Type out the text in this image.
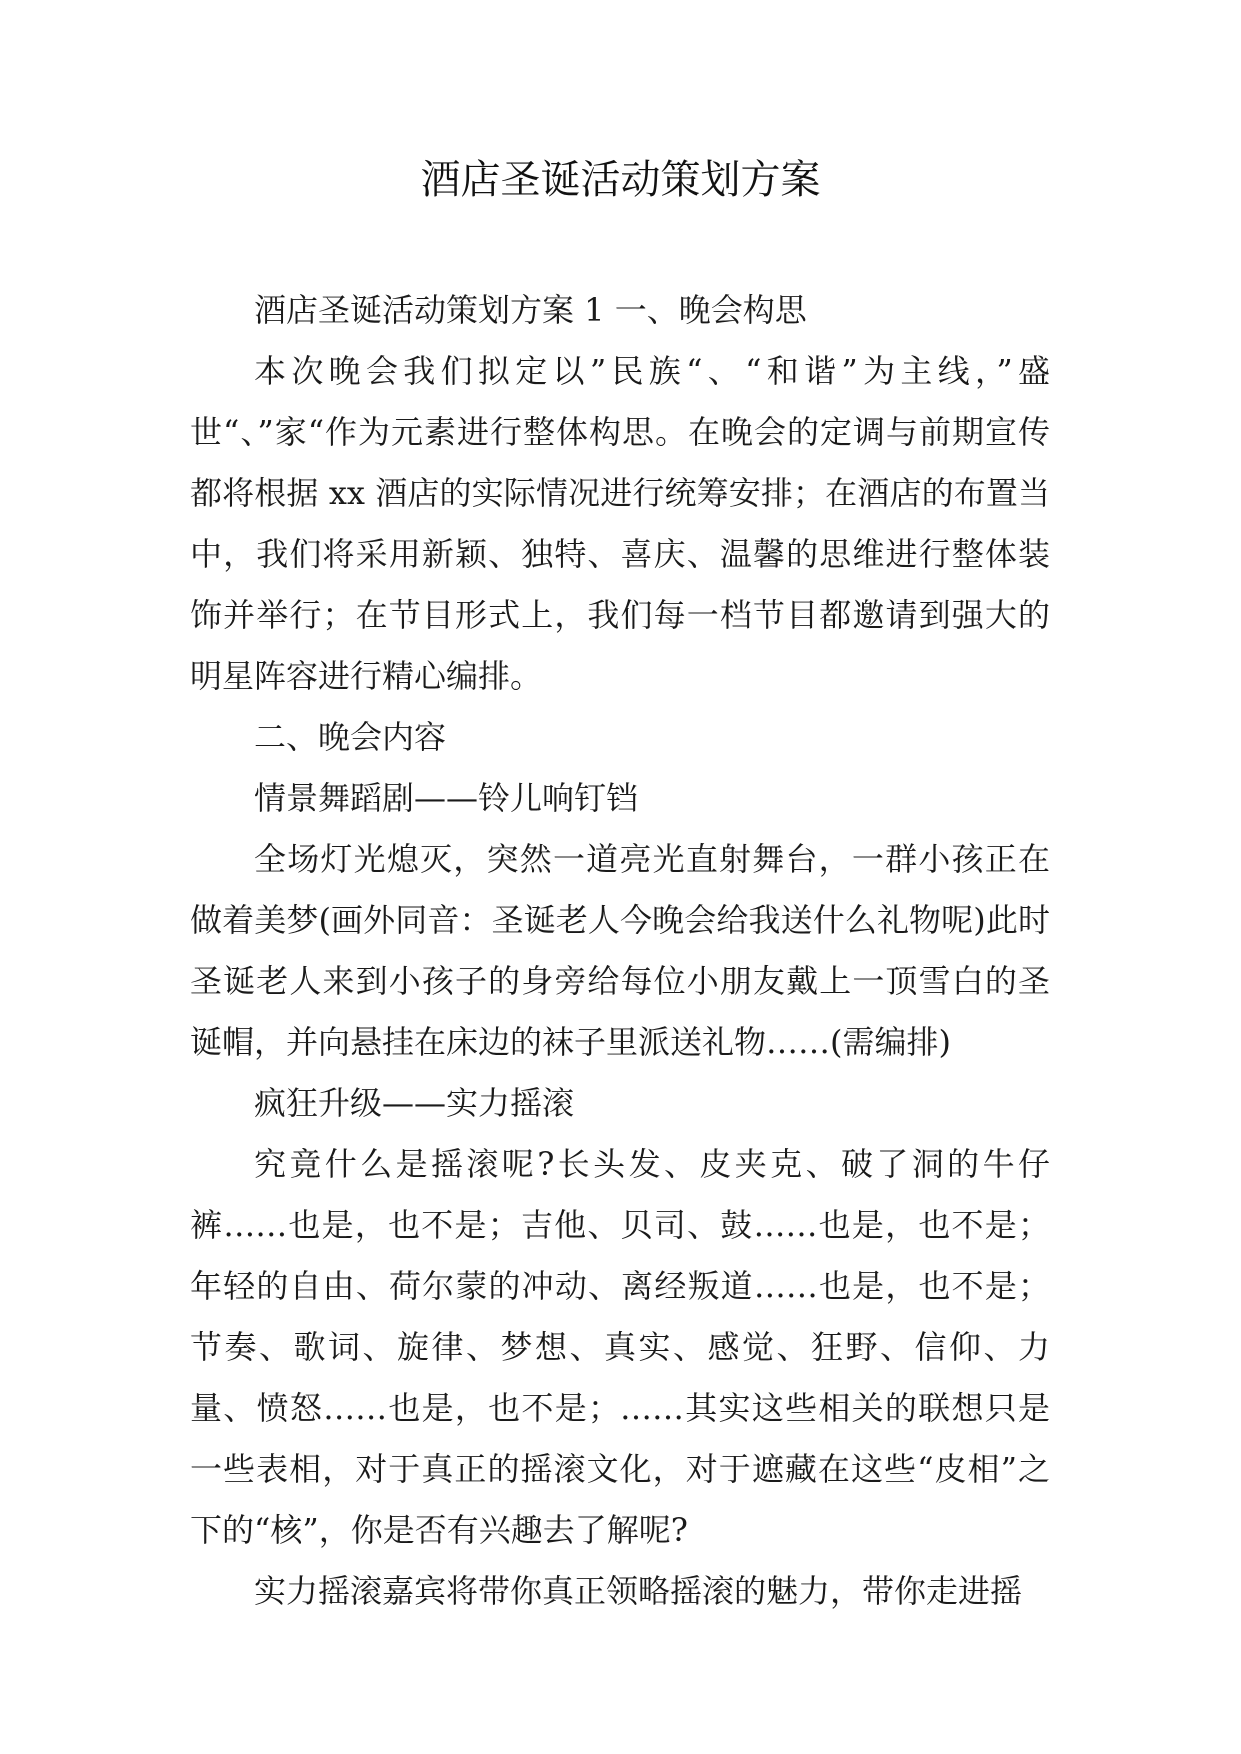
酒店圣诞活动策划方案

酒店圣诞活动策划方案 1 一、晚会构思

本次晚会我们拟定以”民族“、“和谐”为主线，”盛世“、”家“作为元素进行整体构思。在晚会的定调与前期宣传都将根据 xx 酒店的实际情况进行统筹安排；在酒店的布置当中，我们将采用新颖、独特、喜庆、温馨的思维进行整体装饰并举行；在节目形式上，我们每一档节目都邀请到强大的明星阵容进行精心编排。

二、晚会内容

情景舞蹈剧——铃儿响钉铛

全场灯光熄灭，突然一道亮光直射舞台，一群小孩正在做着美梦(画外同音：圣诞老人今晚会给我送什么礼物呢)此时圣诞老人来到小孩子的身旁给每位小朋友戴上一顶雪白的圣诞帽，并向悬挂在床边的袜子里派送礼物……(需编排)

疯狂升级——实力摇滚

究竟什么是摇滚呢?长头发、皮夹克、破了洞的牛仔裤……也是，也不是；吉他、贝司、鼓……也是，也不是；年轻的自由、荷尔蒙的冲动、离经叛道……也是，也不是；节奏、歌词、旋律、梦想、真实、感觉、狂野、信仰、力量、愤怒……也是，也不是；……其实这些相关的联想只是一些表相，对于真正的摇滚文化，对于遮藏在这些“皮相”之下的“核”，你是否有兴趣去了解呢?

实力摇滚嘉宾将带你真正领略摇滚的魅力，带你走进摇
